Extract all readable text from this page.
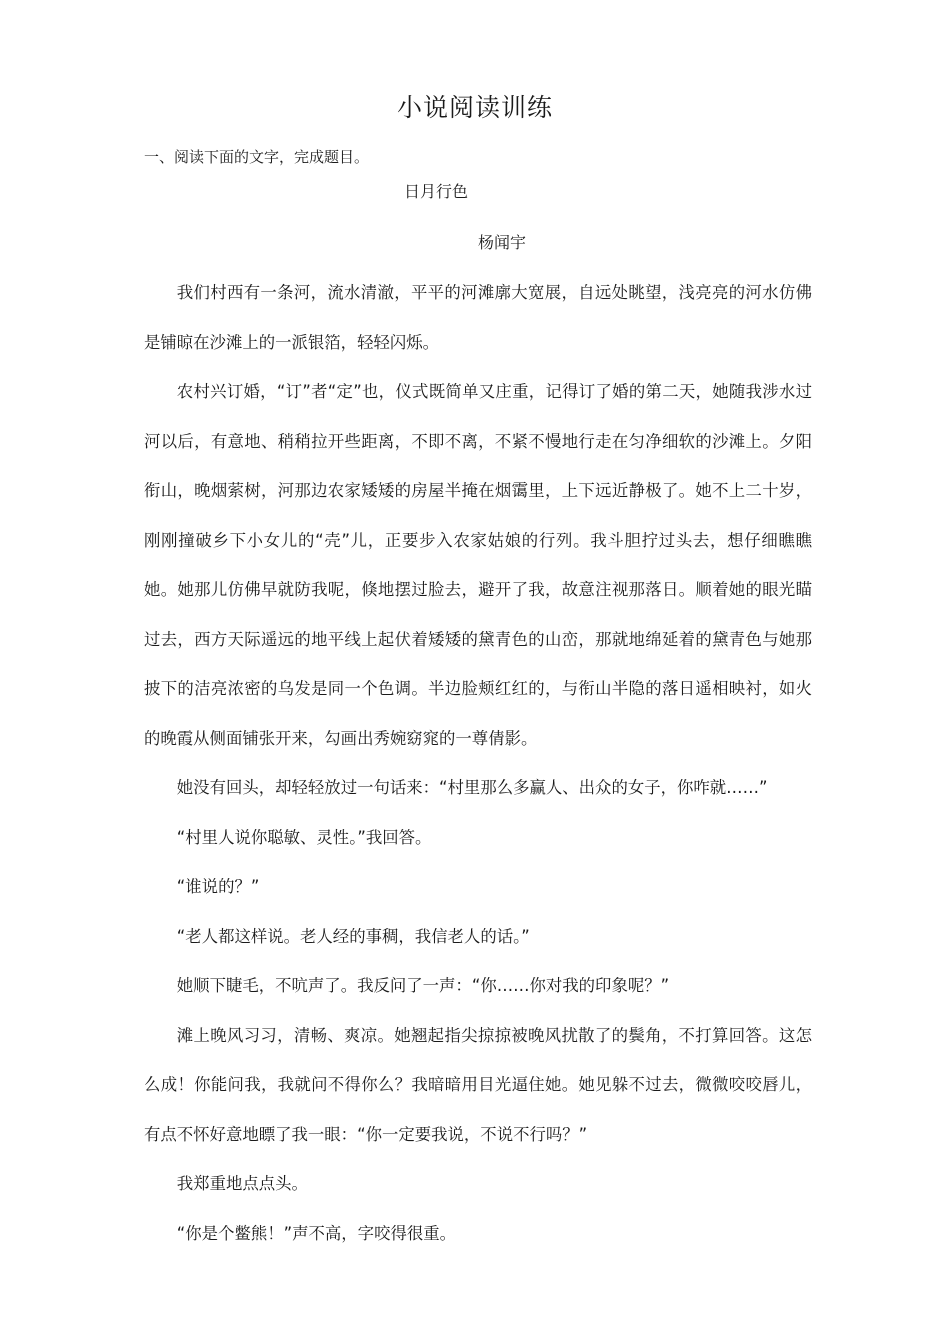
小说阅读训练
一、阅读下面的文字，完成题目。
日月行色
杨闻宇

我们村西有一条河，流水清澈，平平的河滩廓大宽展，自远处眺望，浅亮亮的河水仿佛是铺晾在沙滩上的一派银箔，轻轻闪烁。

农村兴订婚，“订”者“定”也，仪式既简单又庄重，记得订了婚的第二天，她随我涉水过河以后，有意地、稍稍拉开些距离，不即不离，不紧不慢地行走在匀净细软的沙滩上。夕阳衔山，晚烟萦树，河那边农家矮矮的房屋半掩在烟霭里，上下远近静极了。她不上二十岁，刚刚撞破乡下小女儿的“壳”儿，正要步入农家姑娘的行列。我斗胆拧过头去，想仔细瞧瞧她。她那儿仿佛早就防我呢，倏地摆过脸去，避开了我，故意注视那落日。顺着她的眼光瞄过去，西方天际遥远的地平线上起伏着矮矮的黛青色的山峦，那就地绵延着的黛青色与她那披下的洁亮浓密的乌发是同一个色调。半边脸颊红红的，与衔山半隐的落日遥相映衬，如火的晚霞从侧面铺张开来，勾画出秀婉窈窕的一尊倩影。

她没有回头，却轻轻放过一句话来：“村里那么多赢人、出众的女子，你咋就……”

“村里人说你聪敏、灵性。”我回答。

“谁说的？”

“老人都这样说。老人经的事稠，我信老人的话。”

她顺下睫毛，不吭声了。我反问了一声：“你……你对我的印象呢？”

滩上晚风习习，清畅、爽凉。她翘起指尖掠掠被晚风扰散了的鬓角，不打算回答。这怎么成！你能问我，我就问不得你么？我暗暗用目光逼住她。她见躲不过去，微微咬咬唇儿，有点不怀好意地瞟了我一眼：“你一定要我说，不说不行吗？”

我郑重地点点头。

“你是个鳖熊！”声不高，字咬得很重。
